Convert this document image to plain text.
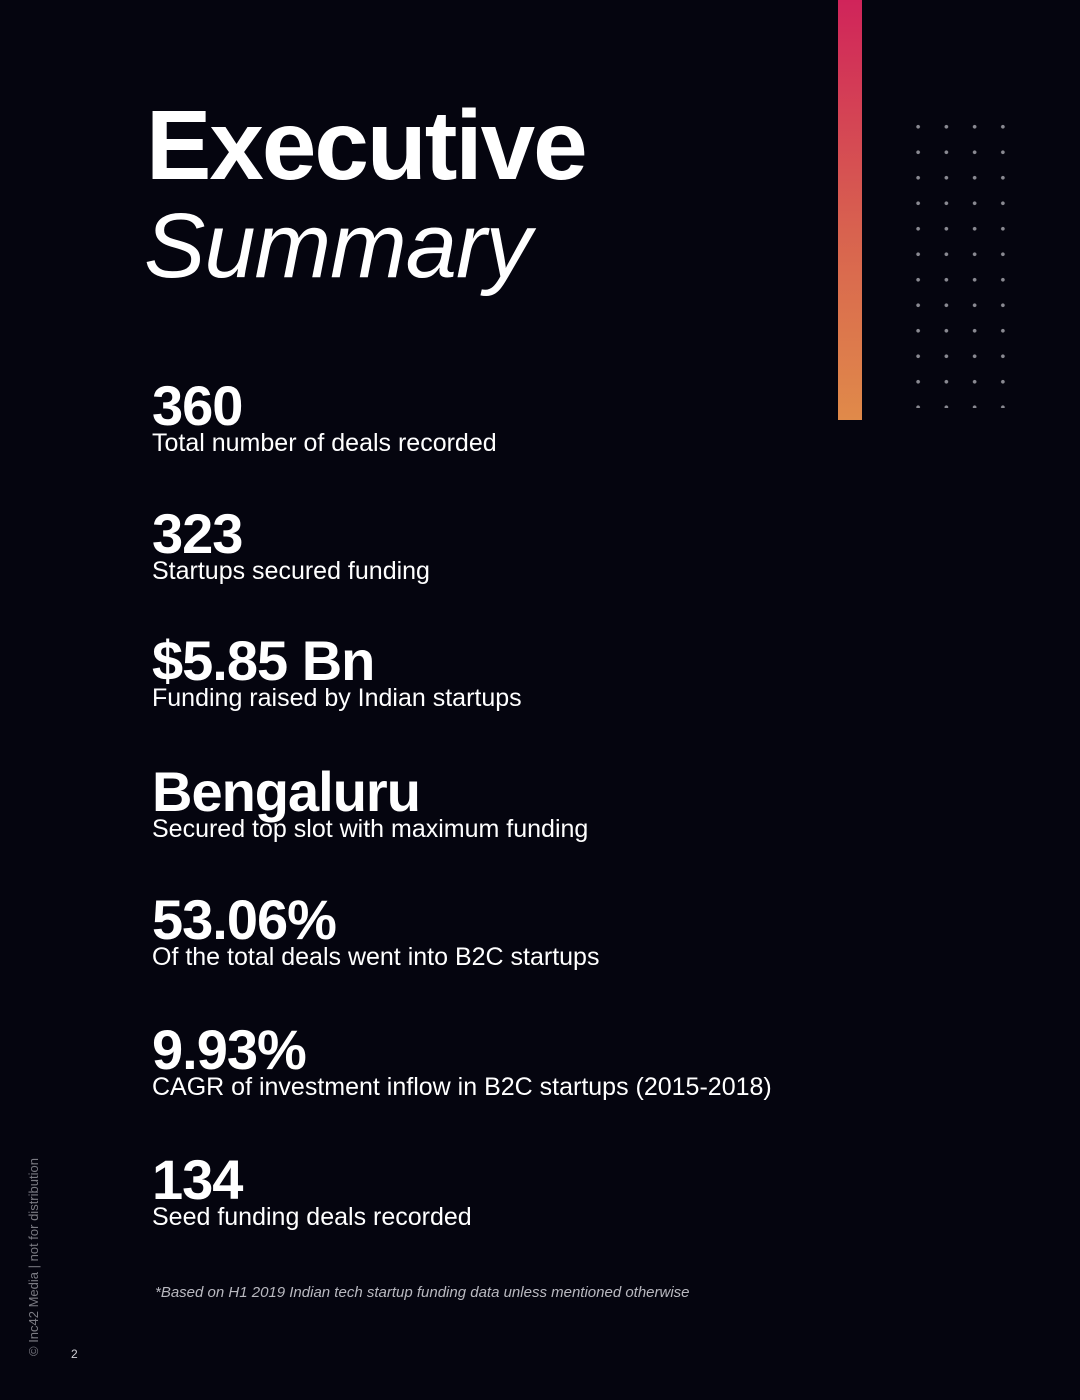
Executive
Summary
360
Total number of deals recorded
323
Startups secured funding
$5.85 Bn
Funding raised by Indian startups
Bengaluru
Secured top slot with maximum funding
53.06%
Of the total deals went into B2C startups
9.93%
CAGR of investment inflow in B2C startups (2015-2018)
134
Seed funding deals recorded
*Based on H1 2019 Indian tech startup funding data unless mentioned otherwise
© Inc42 Media | not for distribution	2
